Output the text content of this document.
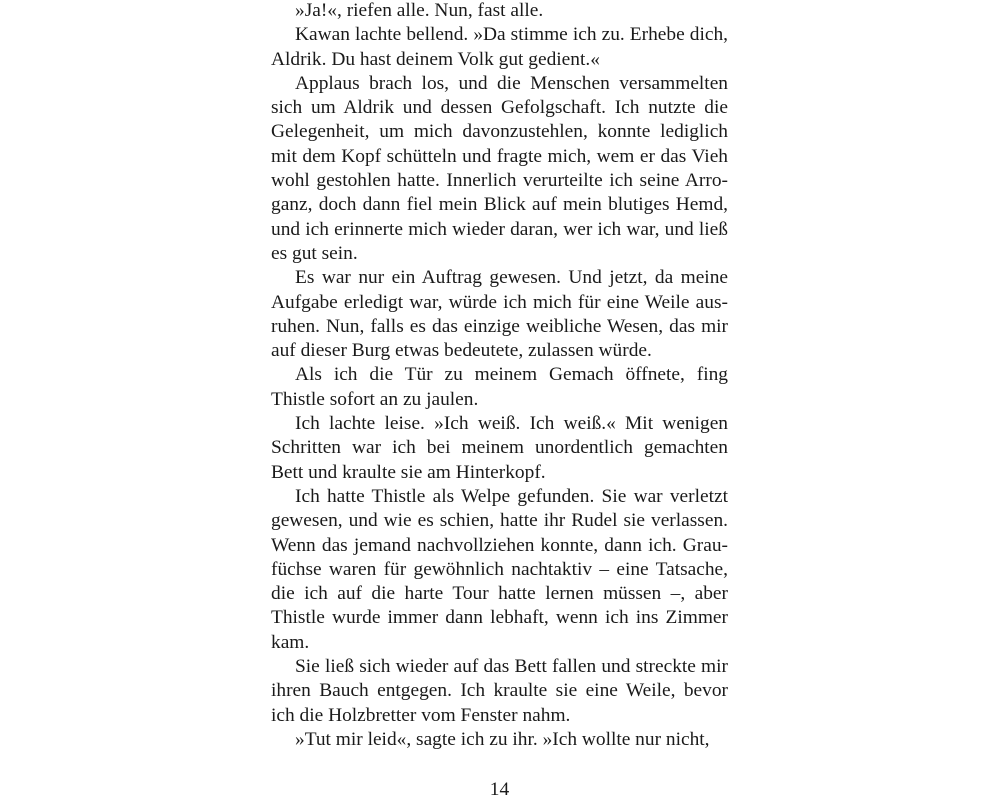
»Ja!«, riefen alle. Nun, fast alle.

Kawan lachte bellend. »Da stimme ich zu. Erhebe dich, Aldrik. Du hast deinem Volk gut gedient.«

Applaus brach los, und die Menschen versammelten sich um Aldrik und dessen Gefolgschaft. Ich nutzte die Gelegenheit, um mich davonzustehlen, konnte lediglich mit dem Kopf schütteln und fragte mich, wem er das Vieh wohl gestohlen hatte. Innerlich verurteilte ich seine Arroganz, doch dann fiel mein Blick auf mein blutiges Hemd, und ich erinnerte mich wieder daran, wer ich war, und ließ es gut sein.

Es war nur ein Auftrag gewesen. Und jetzt, da meine Aufgabe erledigt war, würde ich mich für eine Weile ausruhen. Nun, falls es das einzige weibliche Wesen, das mir auf dieser Burg etwas bedeutete, zulassen würde.

Als ich die Tür zu meinem Gemach öffnete, fing Thistle sofort an zu jaulen.

Ich lachte leise. »Ich weiß. Ich weiß.« Mit wenigen Schritten war ich bei meinem unordentlich gemachten Bett und kraulte sie am Hinterkopf.

Ich hatte Thistle als Welpe gefunden. Sie war verletzt gewesen, und wie es schien, hatte ihr Rudel sie verlassen. Wenn das jemand nachvollziehen konnte, dann ich. Graufüchse waren für gewöhnlich nachtaktiv – eine Tatsache, die ich auf die harte Tour hatte lernen müssen –, aber Thistle wurde immer dann lebhaft, wenn ich ins Zimmer kam.

Sie ließ sich wieder auf das Bett fallen und streckte mir ihren Bauch entgegen. Ich kraulte sie eine Weile, bevor ich die Holzbretter vom Fenster nahm.

»Tut mir leid«, sagte ich zu ihr. »Ich wollte nur nicht,

14
